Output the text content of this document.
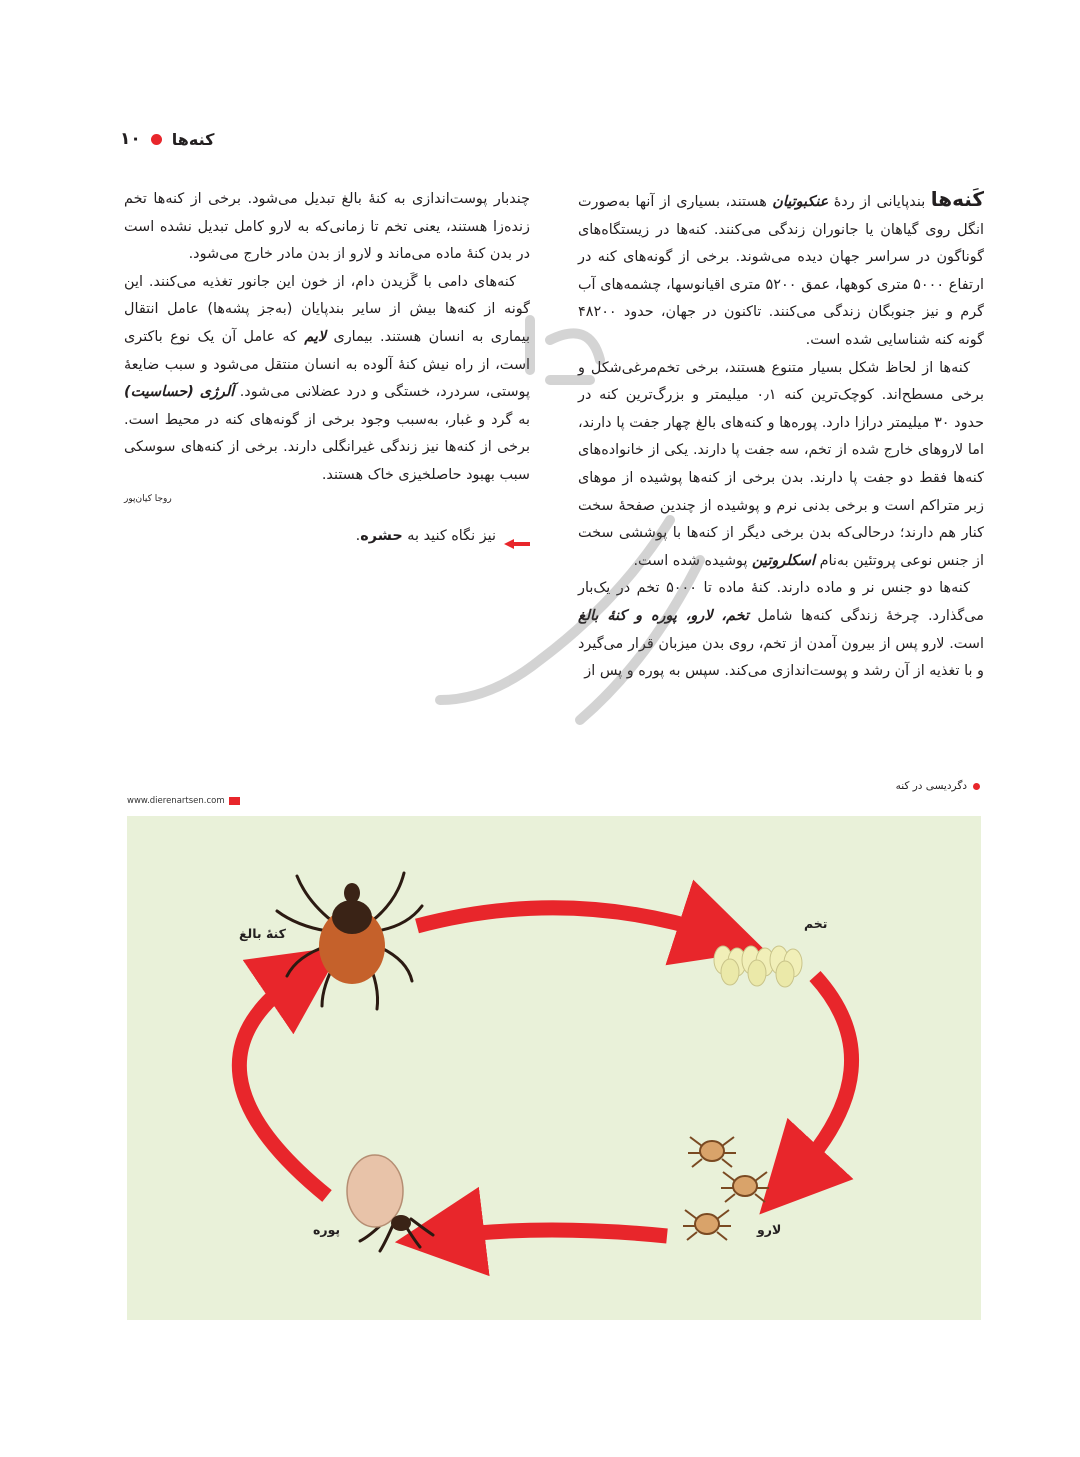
۱۰ کنه‌ها

کَنه‌ها بندپایانی از ردهٔ عنکبوتیان هستند، بسیاری از آنها به‌صورت انگل روی گیاهان یا جانوران زندگی می‌کنند. کنه‌ها در زیستگاه‌های گوناگون در سراسر جهان دیده می‌شوند. برخی از گونه‌های کنه در ارتفاع ۵۰۰۰ متری کوهها، عمق ۵۲۰۰ متری اقیانوسها، چشمه‌های آب گرم و نیز جنوبگان زندگی می‌کنند. تاکنون در جهان، حدود ۴۸۲۰۰ گونه کنه شناسایی شده است.

کنه‌ها از لحاظ شکل بسیار متنوع هستند، برخی تخم‌مرغی‌شکل و برخی مسطح‌اند. کوچک‌ترین کنه ۰٫۱ میلیمتر و بزرگ‌ترین کنه در حدود ۳۰ میلیمتر درازا دارد. پوره‌ها و کنه‌های بالغ چهار جفت پا دارند، اما لاروهای خارج شده از تخم، سه جفت پا دارند. یکی از خانواده‌های کنه‌ها فقط دو جفت پا دارند. بدن برخی از کنه‌ها پوشیده از موهای زبر متراکم است و برخی بدنی نرم و پوشیده از چندین صفحهٔ سخت کنار هم دارند؛ درحالی‌که بدن برخی دیگر از کنه‌ها با پوششی سخت از جنس نوعی پروتئین به‌نام اسکلروتین پوشیده شده است.

کنه‌ها دو جنس نر و ماده دارند. کنهٔ ماده تا ۵۰۰۰ تخم در یک‌بار می‌گذارد. چرخهٔ زندگی کنه‌ها شامل تخم، لارو، پوره و کنهٔ بالغ است. لارو پس از بیرون آمدن از تخم، روی بدن میزبان قرار می‌گیرد و با تغذیه از آن رشد و پوست‌اندازی می‌کند. سپس به پوره و پس از

چندبار پوست‌اندازی به کنهٔ بالغ تبدیل می‌شود. برخی از کنه‌ها تخم زنده‌زا هستند، یعنی تخم تا زمانی‌که به لارو کامل تبدیل نشده است در بدن کنهٔ ماده می‌ماند و لارو از بدن مادر خارج می‌شود.

کنه‌های دامی با گَزیدن دام، از خون این جانور تغذیه می‌کنند. این گونه از کنه‌ها بیش از سایر بندپایان (به‌جز پشه‌ها) عامل انتقال بیماری به انسان هستند. بیماری لایم که عامل آن یک نوع باکتری است، از راه نیش کنهٔ آلوده به انسان منتقل می‌شود و سبب ضایعهٔ پوستی، سردرد، خستگی و درد عضلانی می‌شود. آلرژی (حساسیت) به گرد و غبار، به‌سبب وجود برخی از گونه‌های کنه در محیط است. برخی از کنه‌ها نیز زندگی غیرانگلی دارند. برخی از کنه‌های سوسکی سبب بهبود حاصلخیزی خاک هستند.

روجا کیان‌پور
نیز نگاه کنید به حشره.
دگردیسی در کنه
www.dierenartsen.com
کنهٔ بالغ
تخم
لارو
پوره
